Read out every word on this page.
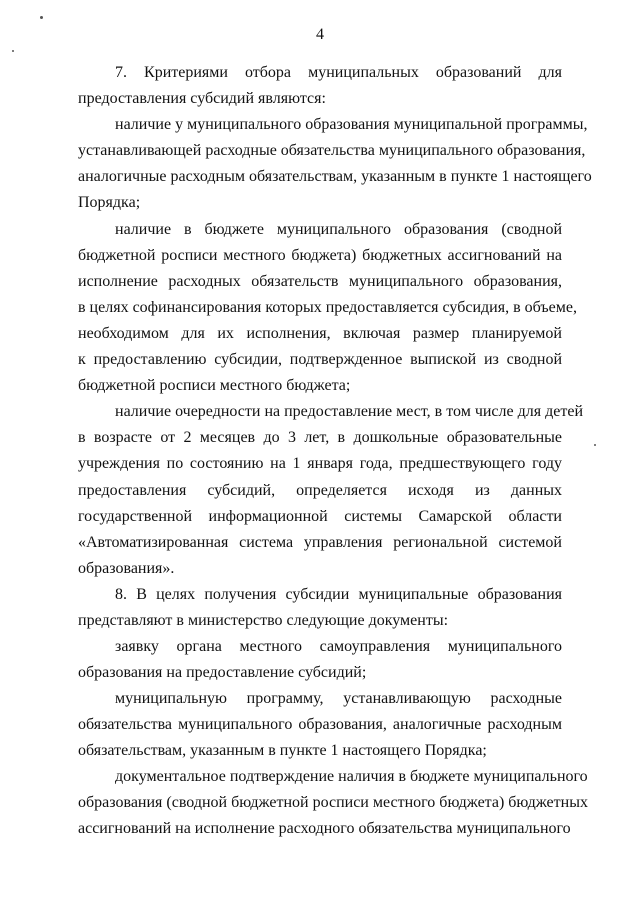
4
7. Критериями отбора муниципальных образований для
предоставления субсидий являются:
наличие у муниципального образования муниципальной программы,
устанавливающей расходные обязательства муниципального образования,
аналогичные расходным обязательствам, указанным в пункте 1 настоящего
Порядка;
наличие в бюджете муниципального образования (сводной
бюджетной росписи местного бюджета) бюджетных ассигнований на
исполнение расходных обязательств муниципального образования,
в целях софинансирования которых предоставляется субсидия, в объеме,
необходимом для их исполнения, включая размер планируемой
к предоставлению субсидии, подтвержденное выпиской из сводной
бюджетной росписи местного бюджета;
наличие очередности на предоставление мест, в том числе для детей
в возрасте от 2 месяцев до 3 лет, в дошкольные образовательные
учреждения по состоянию на 1 января года, предшествующего году
предоставления субсидий, определяется исходя из данных
государственной информационной системы Самарской области
«Автоматизированная система управления региональной системой
образования».
8. В целях получения субсидии муниципальные образования
представляют в министерство следующие документы:
заявку органа местного самоуправления муниципального
образования на предоставление субсидий;
муниципальную программу, устанавливающую расходные
обязательства муниципального образования, аналогичные расходным
обязательствам, указанным в пункте 1 настоящего Порядка;
документальное подтверждение наличия в бюджете муниципального
образования (сводной бюджетной росписи местного бюджета) бюджетных
ассигнований на исполнение расходного обязательства муниципального
